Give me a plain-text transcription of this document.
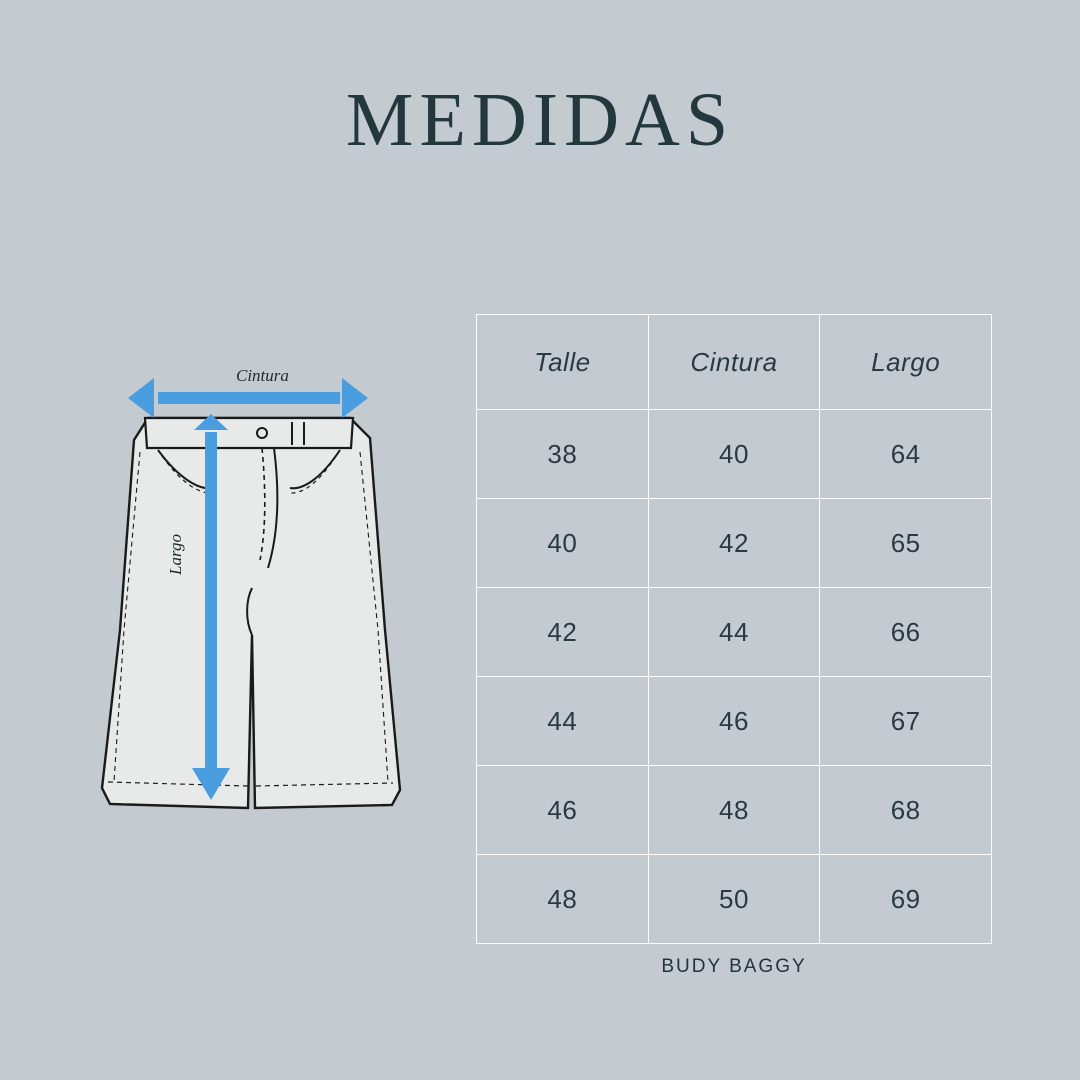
MEDIDAS
Cintura
Largo
Talle	Cintura	Largo
38	40	64
40	42	65
42	44	66
44	46	67
46	48	68
48	50	69
BUDY BAGGY
